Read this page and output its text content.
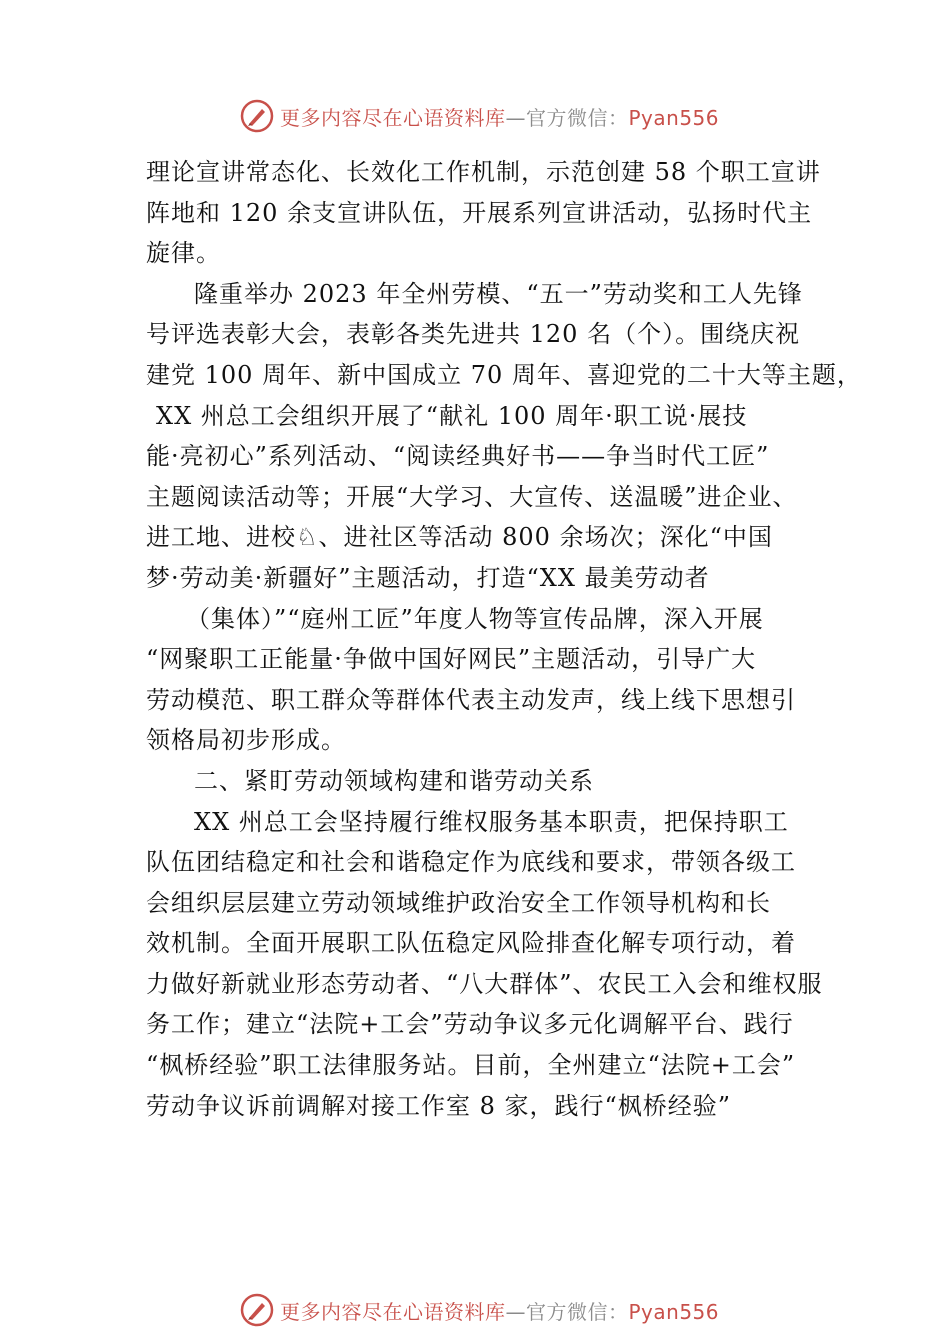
更多内容尽在心语资料库—官方微信：Pyan556
理论宣讲常态化、长效化工作机制，示范创建 58 个职工宣讲
阵地和 120 余支宣讲队伍，开展系列宣讲活动，弘扬时代主
旋律。
隆重举办 2023 年全州劳模、“五一”劳动奖和工人先锋
号评选表彰大会，表彰各类先进共 120 名（个）。围绕庆祝
建党 100 周年、新中国成立 70 周年、喜迎党的二十大等主题，
XX 州总工会组织开展了“献礼 100 周年·职工说·展技
能·亮初心”系列活动、“阅读经典好书——争当时代工匠”
主题阅读活动等；开展“大学习、大宣传、送温暖”进企业、
进工地、进校♘、进社区等活动 800 余场次；深化“中国
梦·劳动美·新疆好”主题活动，打造“XX 最美劳动者
（集体）”“庭州工匠”年度人物等宣传品牌，深入开展
“网聚职工正能量·争做中国好网民”主题活动，引导广大
劳动模范、职工群众等群体代表主动发声，线上线下思想引
领格局初步形成。
二、紧盯劳动领域构建和谐劳动关系
XX 州总工会坚持履行维权服务基本职责，把保持职工
队伍团结稳定和社会和谐稳定作为底线和要求，带领各级工
会组织层层建立劳动领域维护政治安全工作领导机构和长
效机制。全面开展职工队伍稳定风险排查化解专项行动，着
力做好新就业形态劳动者、“八大群体”、农民工入会和维权服
务工作；建立“法院+工会”劳动争议多元化调解平台、践行
“枫桥经验”职工法律服务站。目前，全州建立“法院+工会”
劳动争议诉前调解对接工作室 8 家，践行“枫桥经验”
更多内容尽在心语资料库—官方微信：Pyan556
